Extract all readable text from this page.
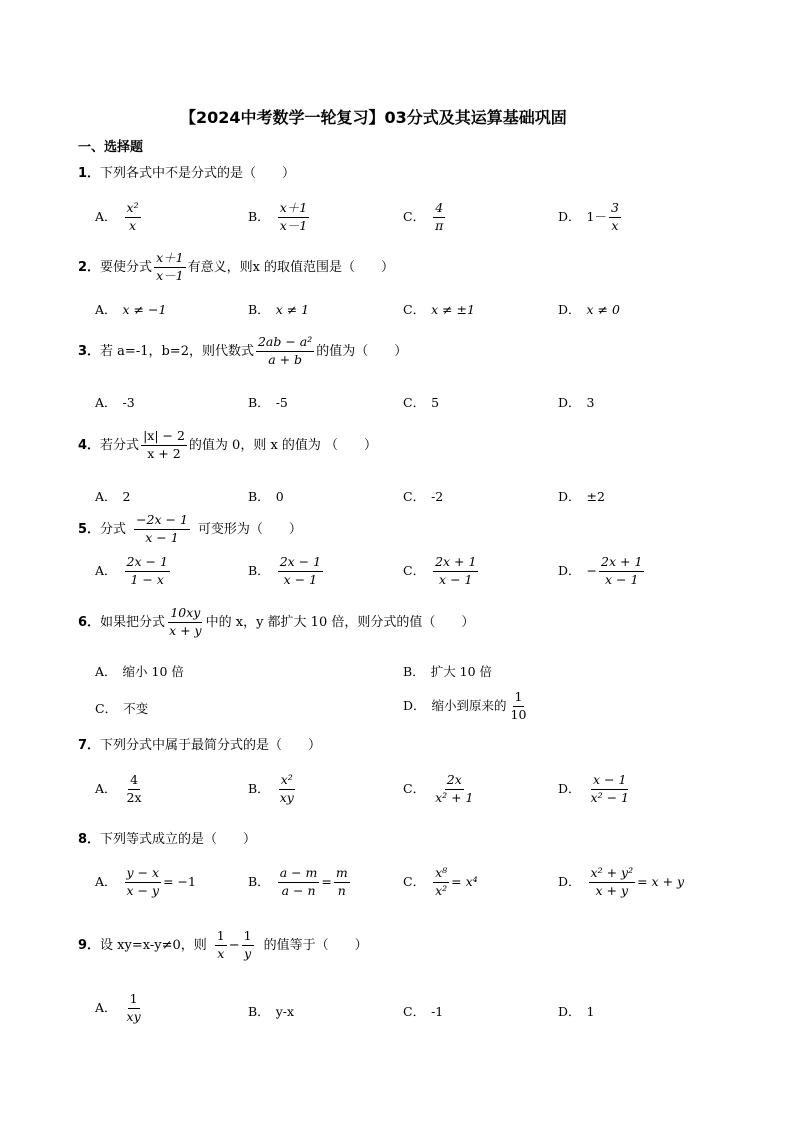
【2024中考数学一轮复习】03分式及其运算基础巩固
一、选择题
1．下列各式中不是分式的是（　　）
A． $\frac{\text{x²}}{x}$	B． $\frac{x+1}{x-1}$	C． $\frac{4}{\pi}$	D． $1- \frac{3}{x}$
2． 要使分式 $\frac{x+1}{x-1}$ 有意义，则x 的取值范围是（　　）
A． x ≠ −1	B． x ≠ 1	C． x ≠ ±1	D． x ≠ 0
3． 若 a=-1，b=2，则代数式 $\frac{\text{2ab − a²}}{a + b}$ 的值为（　　）
A． -3	B． -5	C． 5	D． 3
4． 若分式 $\frac{|x| - 2}{x + 2}$ 的值为 0，则 x 的值为 （　　）
A． 2	B． 0	C． -2	D． ±2
5． 分式 $\frac{-2x - 1}{x - 1}$ 可变形为（　　）
A． $\frac{2x - 1}{1 - x}$	B． $\frac{2x - 1}{x - 1}$	C． $\frac{2x + 1}{x - 1}$	D． − $\frac{2x + 1}{x - 1}$
6． 如果把分式 $\frac{10xy}{x + y}$ 中的 x，y 都扩大 10 倍，则分式的值（　　）
A． 缩小 10 倍	B． 扩大 10 倍
C． 不变	D． 缩小到原来的 $\frac{1}{10}$
7．下列分式中属于最简分式的是（　　）
A． $\frac{4}{2x}$	B． $\frac{\text{x²}}{xy}$	C． $\frac{2x}{\text{x² + 1}}$	D． $\frac{x - 1}{\text{x² − 1}}$
8．下列等式成立的是（　　）
A． $\frac{y - x}{x - y} = -1$	B． $\frac{a - m}{a - n} = \frac{m}{n}$	C． $\frac{\text{x⁸}}{\text{x²}} = x^4$	D． $\frac{\text{x² + y²}}{x + y} = x + y$
9． 设 xy=x-y≠0，则 $\frac{1}{x} - \frac{1}{y}$ 的值等于（　　）
A． $\frac{1}{xy}$	B． y-x	C． -1	D． 1
